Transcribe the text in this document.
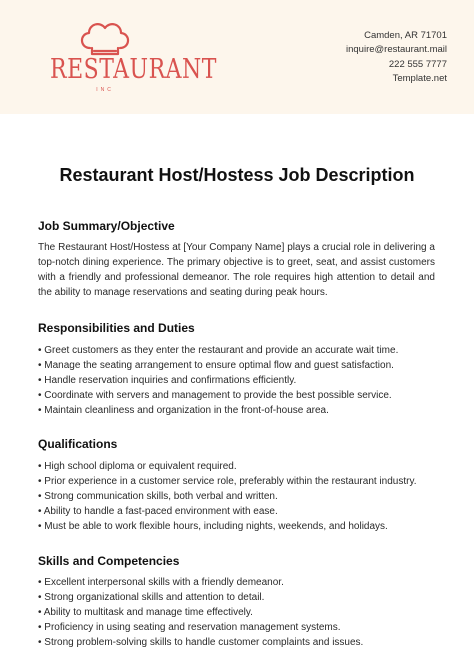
RESTAURANT
INC
Camden, AR 71701
inquire@restaurant.mail
222 555 7777
Template.net
Restaurant Host/Hostess Job Description
Job Summary/Objective

The Restaurant Host/Hostess at [Your Company Name] plays a crucial role in delivering a top-notch dining experience. The primary objective is to greet, seat, and assist customers with a friendly and professional demeanor. The role requires high attention to detail and the ability to manage reservations and seating during peak hours.

Responsibilities and Duties
• Greet customers as they enter the restaurant and provide an accurate wait time.
• Manage the seating arrangement to ensure optimal flow and guest satisfaction.
• Handle reservation inquiries and confirmations efficiently.
• Coordinate with servers and management to provide the best possible service.
• Maintain cleanliness and organization in the front-of-house area.
Qualifications
• High school diploma or equivalent required.
• Prior experience in a customer service role, preferably within the restaurant industry.
• Strong communication skills, both verbal and written.
• Ability to handle a fast-paced environment with ease.
• Must be able to work flexible hours, including nights, weekends, and holidays.
Skills and Competencies
• Excellent interpersonal skills with a friendly demeanor.
• Strong organizational skills and attention to detail.
• Ability to multitask and manage time effectively.
• Proficiency in using seating and reservation management systems.
• Strong problem-solving skills to handle customer complaints and issues.
